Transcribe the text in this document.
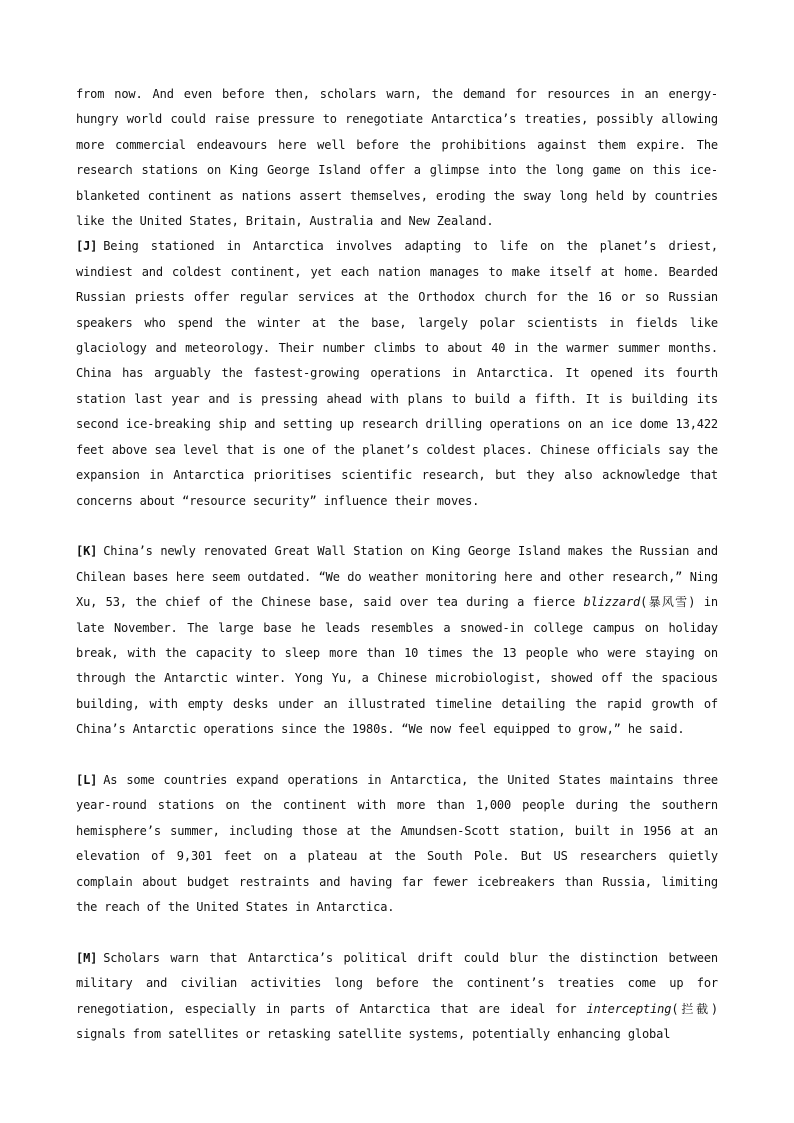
from now. And even before then, scholars warn, the demand for resources in an energy-hungry world could raise pressure to renegotiate Antarctica’s treaties, possibly allowing more commercial endeavours here well before the prohibitions against them expire. The research stations on King George Island offer a glimpse into the long game on this ice-blanketed continent as nations assert themselves, eroding the sway long held by countries like the United States, Britain, Australia and New Zealand.

[J] Being stationed in Antarctica involves adapting to life on the planet’s driest, windiest and coldest continent, yet each nation manages to make itself at home. Bearded Russian priests offer regular services at the Orthodox church for the 16 or so Russian speakers who spend the winter at the base, largely polar scientists in fields like glaciology and meteorology. Their number climbs to about 40 in the warmer summer months. China has arguably the fastest-growing operations in Antarctica. It opened its fourth station last year and is pressing ahead with plans to build a fifth. It is building its second ice-breaking ship and setting up research drilling operations on an ice dome 13,422 feet above sea level that is one of the planet’s coldest places. Chinese officials say the expansion in Antarctica prioritises scientific research, but they also acknowledge that concerns about “resource security” influence their moves.

[K] China’s newly renovated Great Wall Station on King George Island makes the Russian and Chilean bases here seem outdated. “We do weather monitoring here and other research,” Ning Xu, 53, the chief of the Chinese base, said over tea during a fierce blizzard(暴风雪) in late November. The large base he leads resembles a snowed-in college campus on holiday break, with the capacity to sleep more than 10 times the 13 people who were staying on through the Antarctic winter. Yong Yu, a Chinese microbiologist, showed off the spacious building, with empty desks under an illustrated timeline detailing the rapid growth of China’s Antarctic operations since the 1980s. “We now feel equipped to grow,” he said.

[L] As some countries expand operations in Antarctica, the United States maintains three year-round stations on the continent with more than 1,000 people during the southern hemisphere’s summer, including those at the Amundsen-Scott station, built in 1956 at an elevation of 9,301 feet on a plateau at the South Pole. But US researchers quietly complain about budget restraints and having far fewer icebreakers than Russia, limiting the reach of the United States in Antarctica.

[M] Scholars warn that Antarctica’s political drift could blur the distinction between military and civilian activities long before the continent’s treaties come up for renegotiation, especially in parts of Antarctica that are ideal for intercepting(拦截) signals from satellites or retasking satellite systems, potentially enhancing global
